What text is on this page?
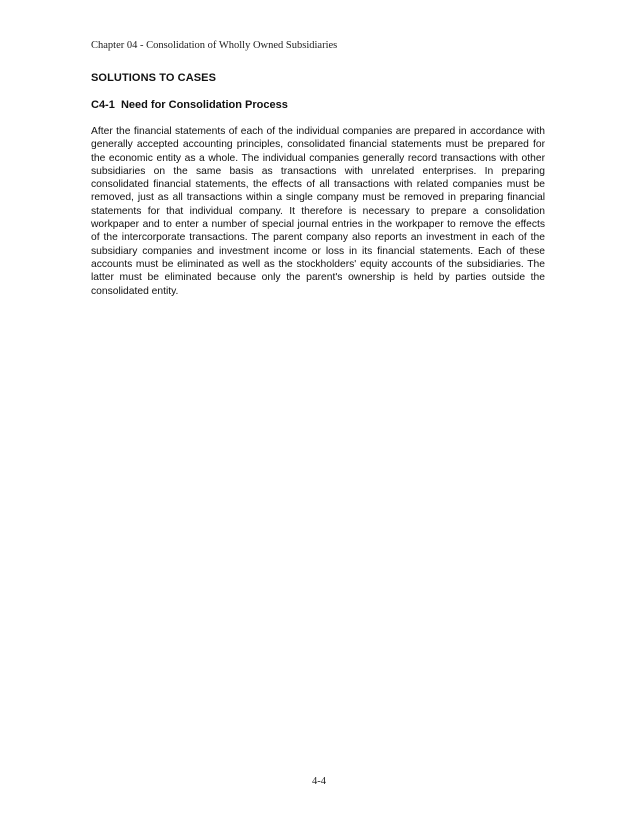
Chapter 04 - Consolidation of Wholly Owned Subsidiaries
SOLUTIONS TO CASES
C4-1  Need for Consolidation Process

After the financial statements of each of the individual companies are prepared in accordance with generally accepted accounting principles, consolidated financial statements must be prepared for the economic entity as a whole. The individual companies generally record transactions with other subsidiaries on the same basis as transactions with unrelated enterprises. In preparing consolidated financial statements, the effects of all transactions with related companies must be removed, just as all transactions within a single company must be removed in preparing financial statements for that individual company. It therefore is necessary to prepare a consolidation workpaper and to enter a number of special journal entries in the workpaper to remove the effects of the intercorporate transactions. The parent company also reports an investment in each of the subsidiary companies and investment income or loss in its financial statements. Each of these accounts must be eliminated as well as the stockholders' equity accounts of the subsidiaries. The latter must be eliminated because only the parent's ownership is held by parties outside the consolidated entity.

4-4
